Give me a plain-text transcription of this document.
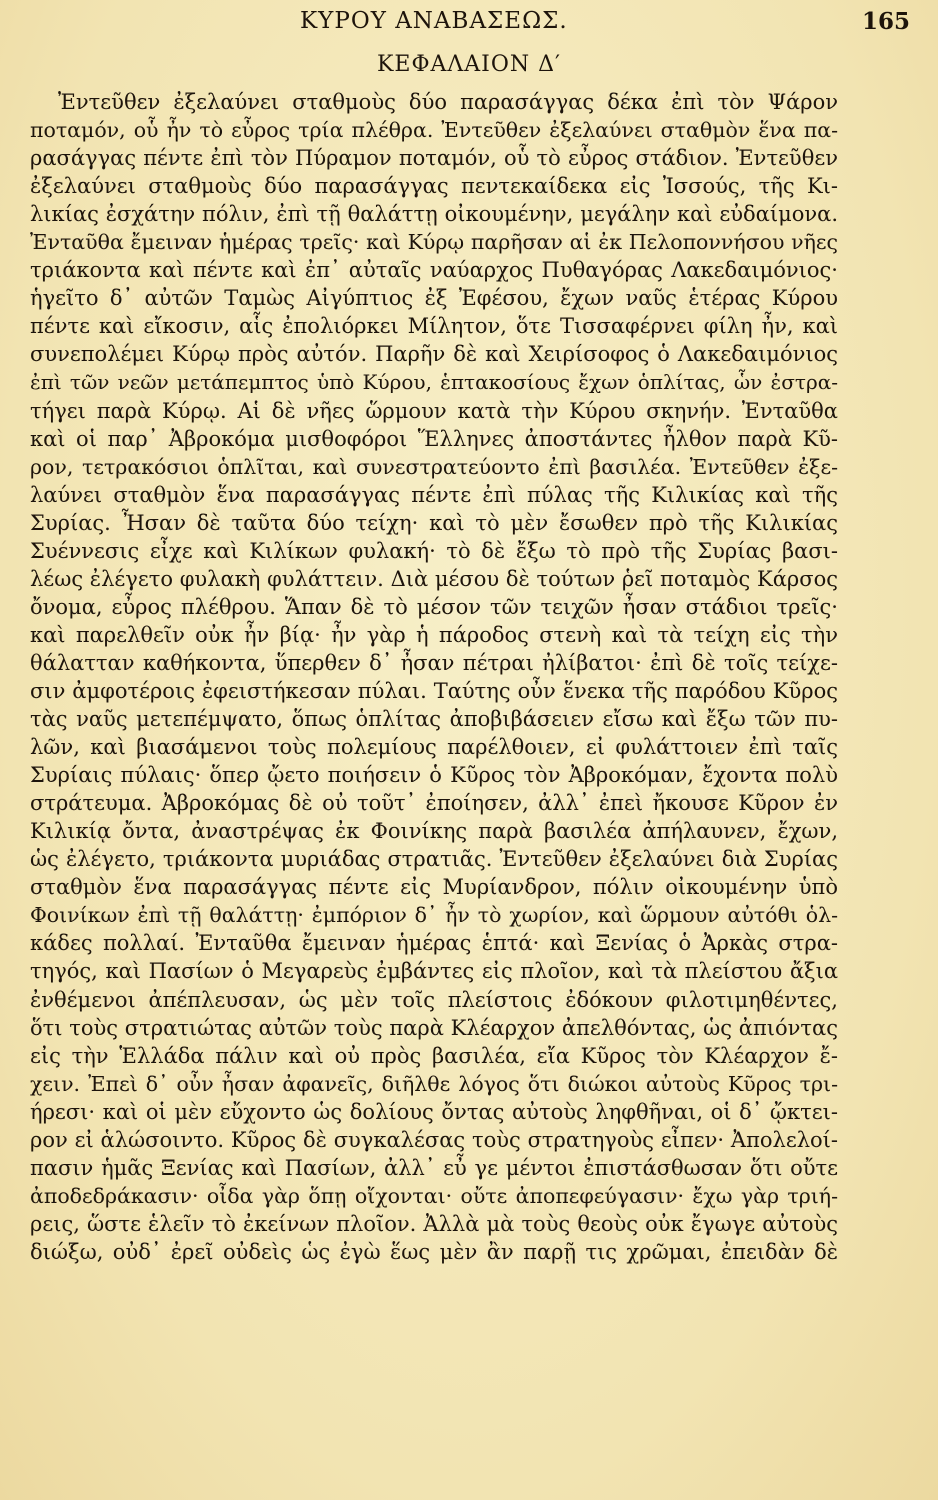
ΚΥΡΟΥ ΑΝΑΒΑΣΕΩΣ.	165
ΚΕΦΑΛΑΙΟΝ Δ′
Ἐντεῦθεν ἐξελαύνει σταθμοὺς δύο παρασάγγας δέκα ἐπὶ τὸν Ψάρον
ποταμόν, οὗ ἦν τὸ εὖρος τρία πλέθρα. Ἐντεῦθεν ἐξελαύνει σταθμὸν ἕνα πα-
ρασάγγας πέντε ἐπὶ τὸν Πύραμον ποταμόν, οὗ τὸ εὖρος στάδιον. Ἐντεῦθεν
ἐξελαύνει σταθμοὺς δύο παρασάγγας πεντεκαίδεκα εἰς Ἰσσούς, τῆς Κι-
λικίας ἐσχάτην πόλιν, ἐπὶ τῇ θαλάττῃ οἰκουμένην, μεγάλην καὶ εὐδαίμονα.
Ἐνταῦθα ἔμειναν ἡμέρας τρεῖς· καὶ Κύρῳ παρῆσαν αἱ ἐκ Πελοποννήσου νῆες
τριάκοντα καὶ πέντε καὶ ἐπ᾿ αὐταῖς ναύαρχος Πυθαγόρας Λακεδαιμόνιος·
ἡγεῖτο δ᾿ αὐτῶν Ταμὼς Αἰγύπτιος ἐξ Ἐφέσου, ἔχων ναῦς ἑτέρας Κύρου
πέντε καὶ εἴκοσιν, αἷς ἐπολιόρκει Μίλητον, ὅτε Τισσαφέρνει φίλη ἦν, καὶ
συνεπολέμει Κύρῳ πρὸς αὐτόν. Παρῆν δὲ καὶ Χειρίσοφος ὁ Λακεδαιμόνιος
ἐπὶ τῶν νεῶν μετάπεμπτος ὑπὸ Κύρου, ἑπτακοσίους ἔχων ὁπλίτας, ὧν ἐστρα-
τήγει παρὰ Κύρῳ. Αἱ δὲ νῆες ὥρμουν κατὰ τὴν Κύρου σκηνήν. Ἐνταῦθα
καὶ οἱ παρ᾿ Ἀβροκόμα μισθοφόροι Ἕλληνες ἀποστάντες ἦλθον παρὰ Κῦ-
ρον, τετρακόσιοι ὁπλῖται, καὶ συνεστρατεύοντο ἐπὶ βασιλέα. Ἐντεῦθεν ἐξε-
λαύνει σταθμὸν ἕνα παρασάγγας πέντε ἐπὶ πύλας τῆς Κιλικίας καὶ τῆς
Συρίας. Ἦσαν δὲ ταῦτα δύο τείχη· καὶ τὸ μὲν ἔσωθεν πρὸ τῆς Κιλικίας
Συέννεσις εἶχε καὶ Κιλίκων φυλακή· τὸ δὲ ἔξω τὸ πρὸ τῆς Συρίας βασι-
λέως ἐλέγετο φυλακὴ φυλάττειν. Διὰ μέσου δὲ τούτων ῥεῖ ποταμὸς Κάρσος
ὄνομα, εὖρος πλέθρου. Ἅπαν δὲ τὸ μέσον τῶν τειχῶν ἦσαν στάδιοι τρεῖς·
καὶ παρελθεῖν οὐκ ἦν βίᾳ· ἦν γὰρ ἡ πάροδος στενὴ καὶ τὰ τείχη εἰς τὴν
θάλατταν καθήκοντα, ὕπερθεν δ᾿ ἦσαν πέτραι ἠλίβατοι· ἐπὶ δὲ τοῖς τείχε-
σιν ἀμφοτέροις ἐφειστήκεσαν πύλαι. Ταύτης οὖν ἕνεκα τῆς παρόδου Κῦρος
τὰς ναῦς μετεπέμψατο, ὅπως ὁπλίτας ἀποβιβάσειεν εἴσω καὶ ἔξω τῶν πυ-
λῶν, καὶ βιασάμενοι τοὺς πολεμίους παρέλθοιεν, εἰ φυλάττοιεν ἐπὶ ταῖς
Συρίαις πύλαις· ὅπερ ᾤετο ποιήσειν ὁ Κῦρος τὸν Ἀβροκόμαν, ἔχοντα πολὺ
στράτευμα. Ἀβροκόμας δὲ οὐ τοῦτ᾿ ἐποίησεν, ἀλλ᾿ ἐπεὶ ἤκουσε Κῦρον ἐν
Κιλικίᾳ ὄντα, ἀναστρέψας ἐκ Φοινίκης παρὰ βασιλέα ἀπήλαυνεν, ἔχων,
ὡς ἐλέγετο, τριάκοντα μυριάδας στρατιᾶς. Ἐντεῦθεν ἐξελαύνει διὰ Συρίας
σταθμὸν ἕνα παρασάγγας πέντε εἰς Μυρίανδρον, πόλιν οἰκουμένην ὑπὸ
Φοινίκων ἐπὶ τῇ θαλάττῃ· ἐμπόριον δ᾿ ἦν τὸ χωρίον, καὶ ὥρμουν αὐτόθι ὁλ-
κάδες πολλαί. Ἐνταῦθα ἔμειναν ἡμέρας ἑπτά· καὶ Ξενίας ὁ Ἀρκὰς στρα-
τηγός, καὶ Πασίων ὁ Μεγαρεὺς ἐμβάντες εἰς πλοῖον, καὶ τὰ πλείστου ἄξια
ἐνθέμενοι ἀπέπλευσαν, ὡς μὲν τοῖς πλείστοις ἐδόκουν φιλοτιμηθέντες,
ὅτι τοὺς στρατιώτας αὐτῶν τοὺς παρὰ Κλέαρχον ἀπελθόντας, ὡς ἀπιόντας
εἰς τὴν Ἑλλάδα πάλιν καὶ οὐ πρὸς βασιλέα, εἴα Κῦρος τὸν Κλέαρχον ἔ-
χειν. Ἐπεὶ δ᾿ οὖν ἦσαν ἀφανεῖς, διῆλθε λόγος ὅτι διώκοι αὐτοὺς Κῦρος τρι-
ήρεσι· καὶ οἱ μὲν εὔχοντο ὡς δολίους ὄντας αὐτοὺς ληφθῆναι, οἱ δ᾿ ᾤκτει-
ρον εἰ ἁλώσοιντο. Κῦρος δὲ συγκαλέσας τοὺς στρατηγοὺς εἶπεν· Ἀπολελοί-
πασιν ἡμᾶς Ξενίας καὶ Πασίων, ἀλλ᾿ εὖ γε μέντοι ἐπιστάσθωσαν ὅτι οὔτε
ἀποδεδράκασιν· οἶδα γὰρ ὅπῃ οἴχονται· οὔτε ἀποπεφεύγασιν· ἔχω γὰρ τριή-
ρεις, ὥστε ἑλεῖν τὸ ἐκείνων πλοῖον. Ἀλλὰ μὰ τοὺς θεοὺς οὐκ ἔγωγε αὐτοὺς
διώξω, οὐδ᾿ ἐρεῖ οὐδεὶς ὡς ἐγὼ ἕως μὲν ἂν παρῇ τις χρῶμαι, ἐπειδὰν δὲ
